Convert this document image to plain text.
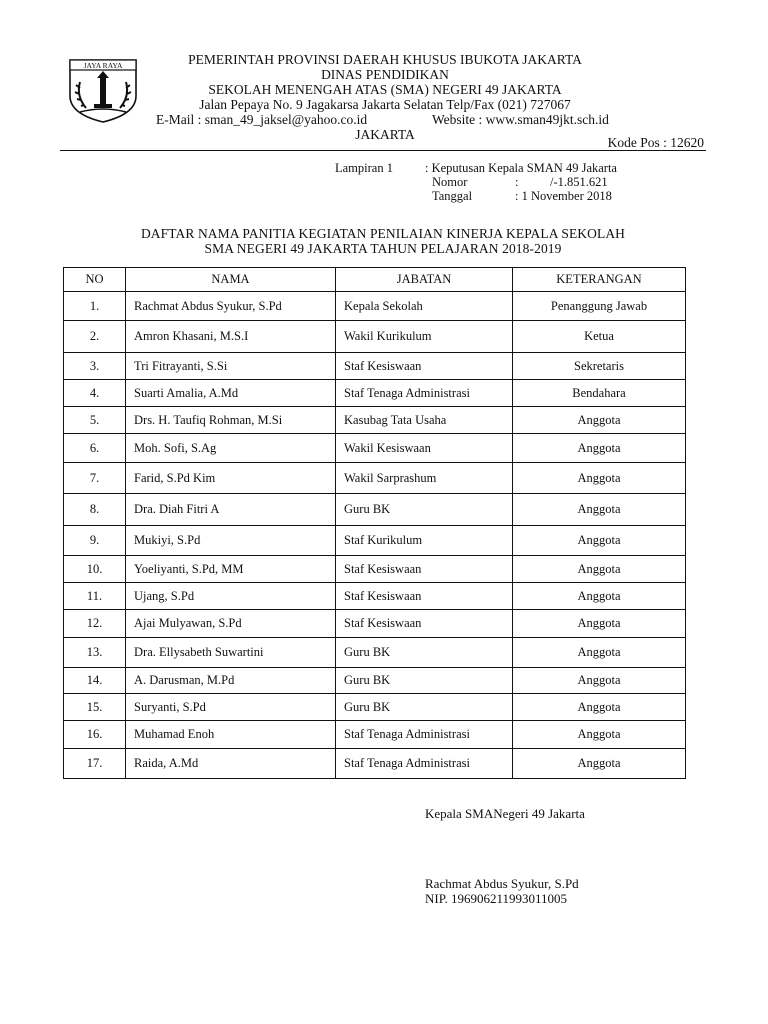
JAYA RAYA	PEMERINTAH PROVINSI DAERAH KHUSUS IBUKOTA JAKARTA
DINAS PENDIDIKAN
SEKOLAH MENENGAH ATAS (SMA) NEGERI 49 JAKARTA
Jalan Pepaya No. 9 Jagakarsa Jakarta Selatan Telp/Fax (021) 727067
E-Mail : sman_49_jaksel@yahoo.co.id	Website : www.sman49jkt.sch.id
JAKARTA
Kode Pos : 12620
Lampiran 1	: Keputusan Kepala SMAN 49 Jakarta
Nomor	:	/-1.851.621
Tanggal	: 1 November 2018
DAFTAR NAMA PANITIA KEGIATAN PENILAIAN KINERJA KEPALA SEKOLAH
SMA NEGERI 49 JAKARTA TAHUN PELAJARAN 2018-2019
NO	NAMA	JABATAN	KETERANGAN
1.	Rachmat Abdus Syukur, S.Pd	Kepala Sekolah	Penanggung Jawab
2.	Amron Khasani, M.S.I	Wakil Kurikulum	Ketua
3.	Tri Fitrayanti, S.Si	Staf Kesiswaan	Sekretaris
4.	Suarti Amalia, A.Md	Staf Tenaga Administrasi	Bendahara
5.	Drs. H. Taufiq Rohman, M.Si	Kasubag Tata Usaha	Anggota
6.	Moh. Sofi, S.Ag	Wakil Kesiswaan	Anggota
7.	Farid, S.Pd Kim	Wakil Sarprashum	Anggota
8.	Dra. Diah Fitri A	Guru BK	Anggota
9.	Mukiyi, S.Pd	Staf Kurikulum	Anggota
10.	Yoeliyanti, S.Pd, MM	Staf Kesiswaan	Anggota
11.	Ujang, S.Pd	Staf Kesiswaan	Anggota
12.	Ajai Mulyawan, S.Pd	Staf Kesiswaan	Anggota
13.	Dra. Ellysabeth Suwartini	Guru BK	Anggota
14.	A. Darusman, M.Pd	Guru BK	Anggota
15.	Suryanti, S.Pd	Guru BK	Anggota
16.	Muhamad Enoh	Staf Tenaga Administrasi	Anggota
17.	Raida, A.Md	Staf Tenaga Administrasi	Anggota
Kepala SMANegeri 49 Jakarta
Rachmat Abdus Syukur, S.Pd
NIP. 196906211993011005
